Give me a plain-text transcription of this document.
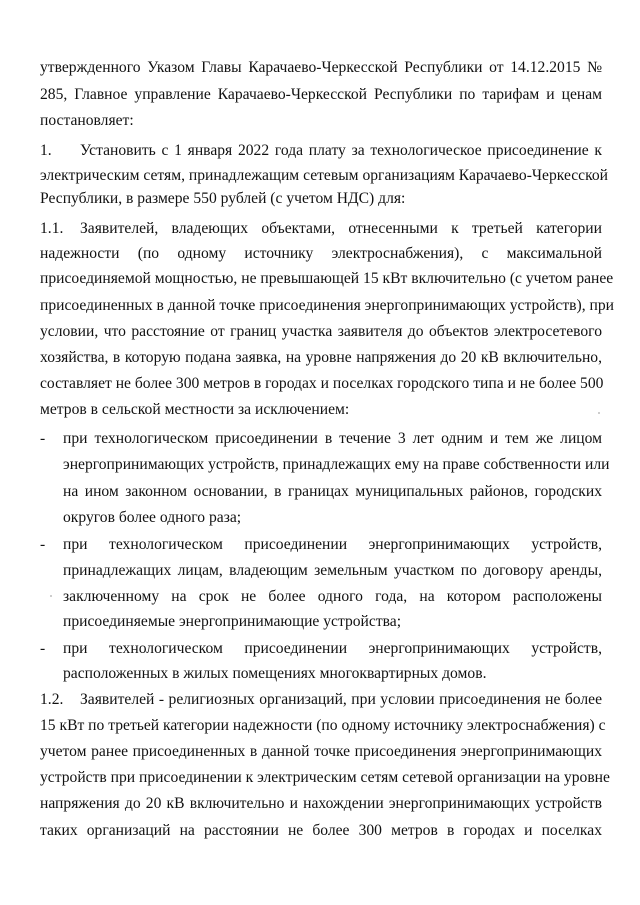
утвержденного Указом Главы Карачаево-Черкесской Республики от 14.12.2015 №
285, Главное управление Карачаево-Черкесской Республики по тарифам и ценам
постановляет:
1.	Установить с 1 января 2022 года плату за технологическое присоединение к
электрическим сетям, принадлежащим сетевым организациям Карачаево-Черкесской
Республики, в размере 550 рублей (с учетом НДС) для:
1.1.	Заявителей, владеющих объектами, отнесенными к третьей категории
надежности (по одному источнику электроснабжения), с максимальной
присоединяемой мощностью, не превышающей 15 кВт включительно (с учетом ранее
присоединенных в данной точке присоединения энергопринимающих устройств), при
условии, что расстояние от границ участка заявителя до объектов электросетевого
хозяйства, в которую подана заявка, на уровне напряжения до 20 кВ включительно,
составляет не более 300 метров в городах и поселках городского типа и не более 500
метров в сельской местности за исключением:
-	при технологическом присоединении в течение 3 лет одним и тем же лицом
энергопринимающих устройств, принадлежащих ему на праве собственности или
на ином законном основании, в границах муниципальных районов, городских
округов более одного раза;
-	при технологическом присоединении энергопринимающих устройств,
принадлежащих лицам, владеющим земельным участком по договору аренды,
заключенному на срок не более одного года, на котором расположены
присоединяемые энергопринимающие устройства;
-	при технологическом присоединении энергопринимающих устройств,
расположенных в жилых помещениях многоквартирных домов.
1.2.	Заявителей - религиозных организаций, при условии присоединения не более
15 кВт по третьей категории надежности (по одному источнику электроснабжения) с
учетом ранее присоединенных в данной точке присоединения энергопринимающих
устройств при присоединении к электрическим сетям сетевой организации на уровне
напряжения до 20 кВ включительно и нахождении энергопринимающих устройств
таких организаций на расстоянии не более 300 метров в городах и поселках
